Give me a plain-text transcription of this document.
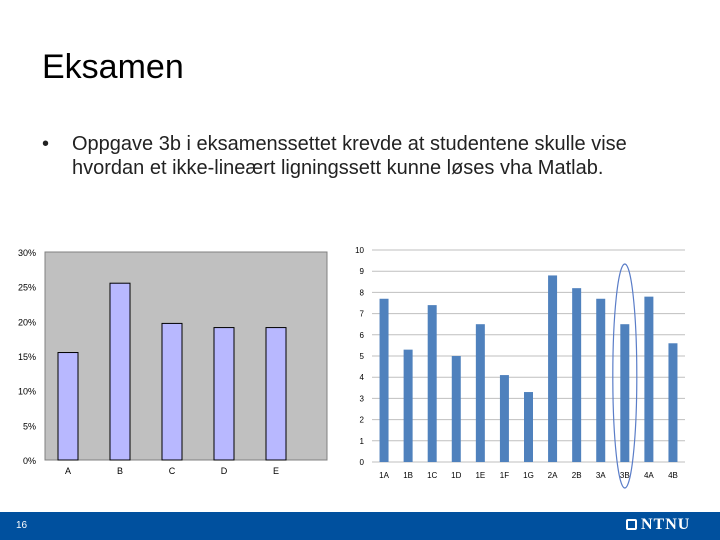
Eksamen
• Oppgave 3b i eksamenssettet krevde at studentene skulle vise hvordan et ikke-lineært ligningssett kunne løses vha Matlab.
0%
5%
10%
15%
20%
25%
30%
A	B	C	D	E
0
1
2
3
4
5
6
7
8
9
10
1A 1B 1C 1D 1E 1F 1G 2A 2B 3A 3B 4A 4B
16	NTNU
